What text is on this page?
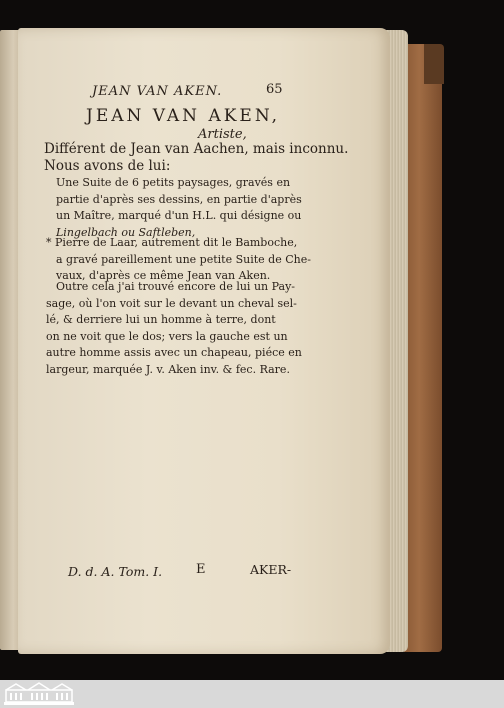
JEAN VAN AKEN.	65
JEAN VAN AKEN,
Artiste,
Différent de Jean van Aachen, mais inconnu.
Nous avons de lui:
Une Suite de 6 petits paysages, gravés en
partie d'après ses dessins, en partie d'après
un Maître, marqué d'un H.L. qui désigne ou
Lingelbach ou Saftleben,
* Pierre de Laar, autrement dit le Bamboche,
a gravé pareillement une petite Suite de Che-
vaux, d'après ce même Jean van Aken.
Outre cela j'ai trouvé encore de lui un Pay-
sage, où l'on voit sur le devant un cheval sel-
lé, & derriere lui un homme à terre, dont
on ne voit que le dos; vers la gauche est un
autre homme assis avec un chapeau, piéce en
largeur, marquée J. v. Aken inv. & fec. Rare.
D. d. A. Tom. I.	E	AKER-
